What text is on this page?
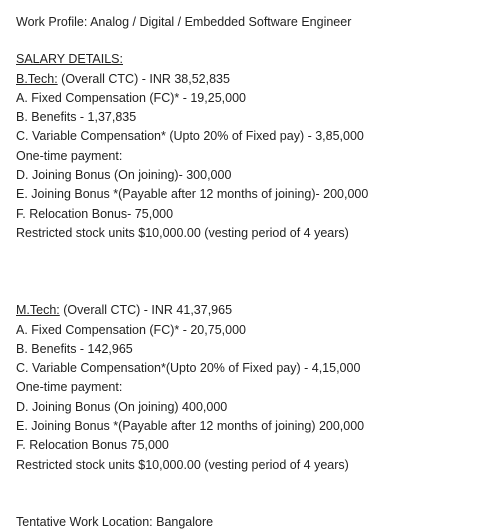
Work Profile: Analog / Digital / Embedded Software Engineer
SALARY DETAILS:
B.Tech: (Overall CTC) - INR 38,52,835
A. Fixed Compensation (FC)* - 19,25,000
B. Benefits - 1,37,835
C. Variable Compensation* (Upto 20% of Fixed pay) - 3,85,000
One-time payment:
D. Joining Bonus (On joining)- 300,000
E. Joining Bonus *(Payable after 12 months of joining)- 200,000
F. Relocation Bonus- 75,000
Restricted stock units $10,000.00 (vesting period of 4 years)
M.Tech: (Overall CTC) - INR 41,37,965
A. Fixed Compensation (FC)* - 20,75,000
B. Benefits - 142,965
C. Variable Compensation*(Upto 20% of Fixed pay) - 4,15,000
One-time payment:
D. Joining Bonus (On joining) 400,000
E. Joining Bonus *(Payable after 12 months of joining) 200,000
F. Relocation Bonus 75,000
Restricted stock units $10,000.00 (vesting period of 4 years)
Tentative Work Location: Bangalore
